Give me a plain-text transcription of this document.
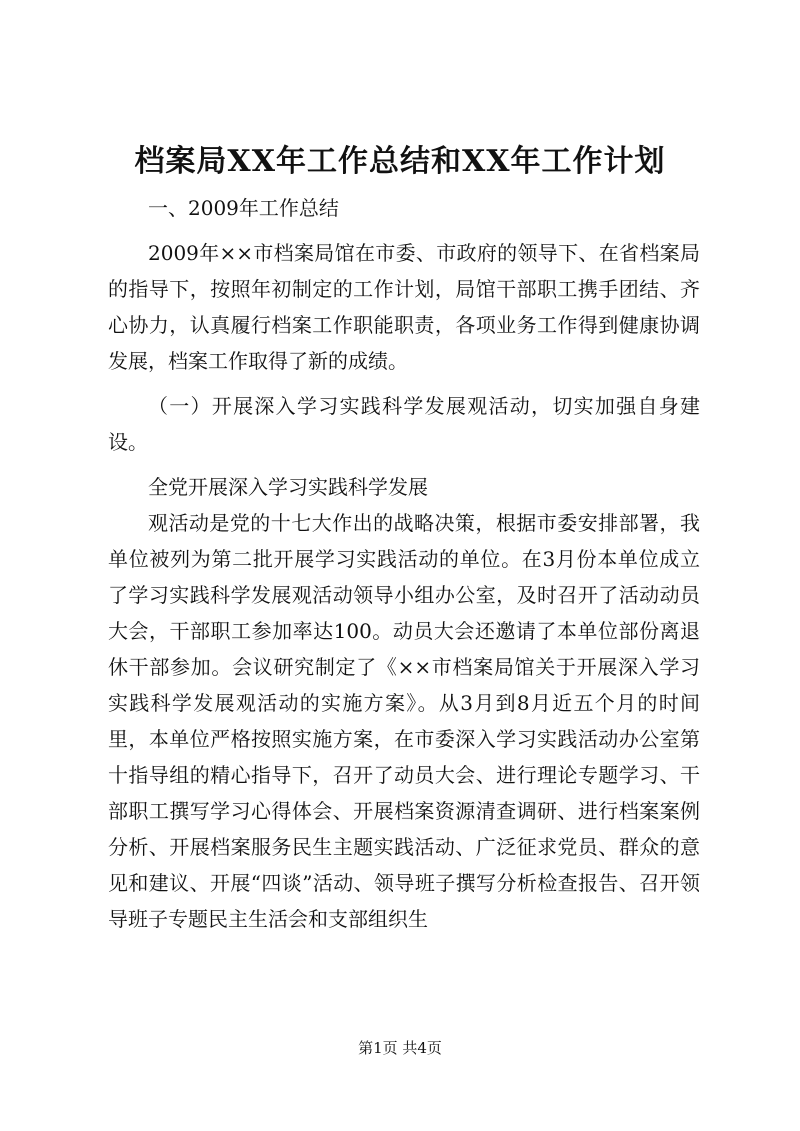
档案局XX年工作总结和XX年工作计划

一、2009年工作总结

2009年××市档案局馆在市委、市政府的领导下、在省档案局的指导下，按照年初制定的工作计划，局馆干部职工携手团结、齐心协力，认真履行档案工作职能职责，各项业务工作得到健康协调发展，档案工作取得了新的成绩。

（一）开展深入学习实践科学发展观活动，切实加强自身建设。

全党开展深入学习实践科学发展

观活动是党的十七大作出的战略决策，根据市委安排部署，我单位被列为第二批开展学习实践活动的单位。在3月份本单位成立了学习实践科学发展观活动领导小组办公室，及时召开了活动动员大会，干部职工参加率达100。动员大会还邀请了本单位部份离退休干部参加。会议研究制定了《××市档案局馆关于开展深入学习实践科学发展观活动的实施方案》。从3月到8月近五个月的时间里，本单位严格按照实施方案，在市委深入学习实践活动办公室第十指导组的精心指导下，召开了动员大会、进行理论专题学习、干部职工撰写学习心得体会、开展档案资源清查调研、进行档案案例分析、开展档案服务民生主题实践活动、广泛征求党员、群众的意见和建议、开展“四谈”活动、领导班子撰写分析检查报告、召开领导班子专题民主生活会和支部组织生

第1页 共4页
